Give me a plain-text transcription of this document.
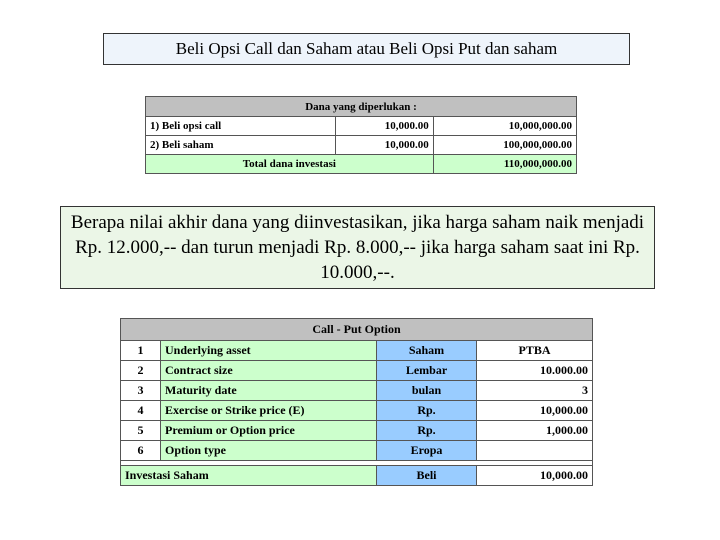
Beli Opsi Call dan Saham atau Beli Opsi Put dan saham
Dana yang diperlukan :		
1) Beli opsi call	10,000.00	10,000,000.00
2) Beli saham	10,000.00	100,000,000.00
Total dana investasi		110,000,000.00
Berapa nilai akhir dana yang diinvestasikan, jika harga saham naik menjadi Rp. 12.000,-- dan turun menjadi Rp. 8.000,-- jika harga saham saat ini Rp. 10.000,--.
Call - Put Option			
1	Underlying asset	Saham	PTBA
2	Contract size	Lembar	10.000.00
3	Maturity date	bulan	3
4	Exercise or Strike price (E)	Rp.	10,000.00
5	Premium or Option price	Rp.	1,000.00
6	Option type	Eropa	

Investasi Saham		Beli	10,000.00
